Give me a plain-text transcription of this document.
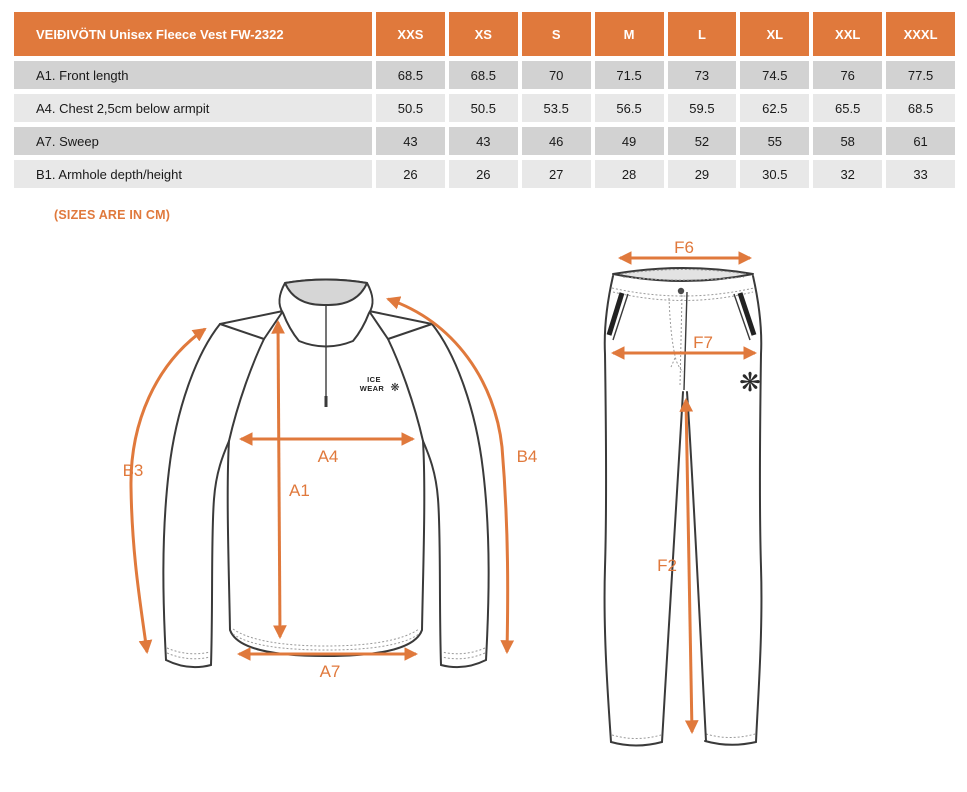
VEIÐIVÖTN Unisex Fleece Vest FW-2322	XXS	XS	S	M	L	XL	XXL	XXXL
A1. Front length	68.5	68.5	70	71.5	73	74.5	76	77.5
A4. Chest 2,5cm below armpit	50.5	50.5	53.5	56.5	59.5	62.5	65.5	68.5
A7. Sweep	43	43	46	49	52	55	58	61
B1. Armhole depth/height	26	26	27	28	29	30.5	32	33
(SIZES ARE IN CM)
ICE
WEAR ❋
A1
A4
A7
B3
B4
❋
F6
F7
F2
